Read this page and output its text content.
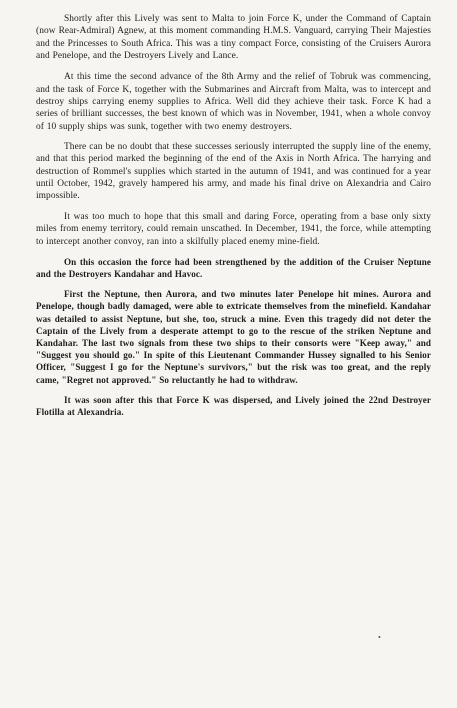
Shortly after this Lively was sent to Malta to join Force K, under the Command of Captain (now Rear-Admiral) Agnew, at this moment commanding H.M.S. Vanguard, carrying Their Majesties and the Princesses to South Africa. This was a tiny compact Force, consisting of the Cruisers Aurora and Penelope, and the Destroyers Lively and Lance.

At this time the second advance of the 8th Army and the relief of Tobruk was commencing, and the task of Force K, together with the Submarines and Aircraft from Malta, was to intercept and destroy ships carrying enemy supplies to Africa. Well did they achieve their task. Force K had a series of brilliant successes, the best known of which was in November, 1941, when a whole convoy of 10 supply ships was sunk, together with two enemy destroyers.

There can be no doubt that these successes seriously interrupted the supply line of the enemy, and that this period marked the beginning of the end of the Axis in North Africa. The harrying and destruction of Rommel's supplies which started in the autumn of 1941, and was continued for a year until October, 1942, gravely hampered his army, and made his final drive on Alexandria and Cairo impossible.

It was too much to hope that this small and daring Force, operating from a base only sixty miles from enemy territory, could remain unscathed. In December, 1941, the force, while attempting to intercept another convoy, ran into a skilfully placed enemy mine-field.

On this occasion the force had been strengthened by the addition of the Cruiser Neptune and the Destroyers Kandahar and Havoc.

First the Neptune, then Aurora, and two minutes later Penelope hit mines. Aurora and Penelope, though badly damaged, were able to extricate themselves from the minefield. Kandahar was detailed to assist Neptune, but she, too, struck a mine. Even this tragedy did not deter the Captain of the Lively from a desperate attempt to go to the rescue of the striken Neptune and Kandahar. The last two signals from these two ships to their consorts were "Keep away," and "Suggest you should go." In spite of this Lieutenant Commander Hussey signalled to his Senior Officer, "Suggest I go for the Neptune's survivors," but the risk was too great, and the reply came, "Regret not approved." So reluctantly he had to withdraw.

It was soon after this that Force K was dispersed, and Lively joined the 22nd Destroyer Flotilla at Alexandria.

•
